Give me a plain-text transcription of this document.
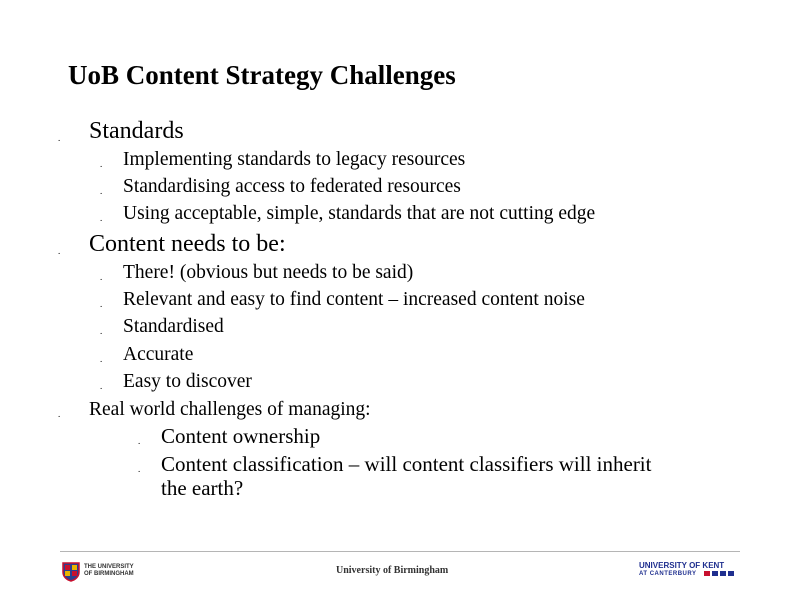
UoB Content Strategy Challenges
. Standards
. Implementing standards to legacy resources
. Standardising access to federated resources
. Using acceptable, simple, standards that are not cutting edge
. Content needs to be:
. There! (obvious but needs to be said)
. Relevant and easy to find content – increased content noise
. Standardised
. Accurate
. Easy to discover
. Real world challenges of managing:
. Content ownership
. Content classification – will content classifiers will inherit
the earth?
THE UNIVERSITY
OF BIRMINGHAM	University of Birmingham	UNIVERSITY OF KENT
AT CANTERBURY
